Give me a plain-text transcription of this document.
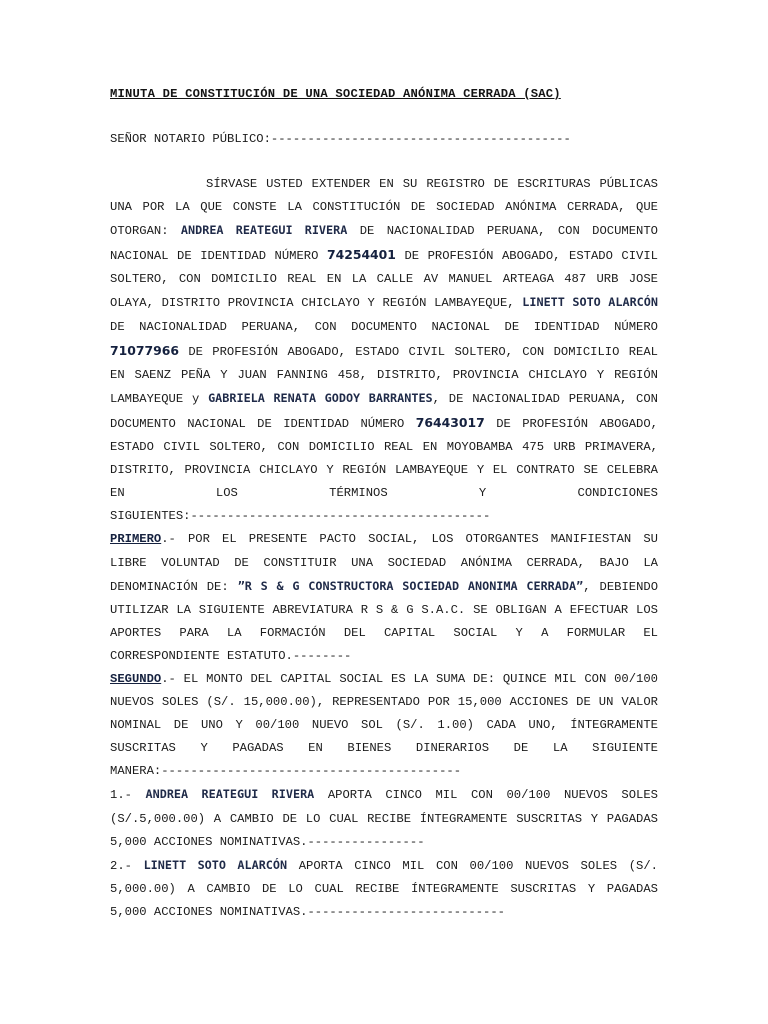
MINUTA DE CONSTITUCIÓN DE UNA SOCIEDAD ANÓNIMA CERRADA (SAC)

SEÑOR NOTARIO PÚBLICO:-----------------------------------------

SÍRVASE USTED EXTENDER EN SU REGISTRO DE ESCRITURAS PÚBLICAS UNA POR LA QUE CONSTE LA CONSTITUCIÓN DE SOCIEDAD ANÓNIMA CERRADA, QUE OTORGAN: ANDREA REATEGUI RIVERA DE NACIONALIDAD PERUANA, CON DOCUMENTO NACIONAL DE IDENTIDAD NÚMERO 74254401 DE PROFESIÓN ABOGADO, ESTADO CIVIL SOLTERO, CON DOMICILIO REAL EN LA CALLE AV MANUEL ARTEAGA 487 URB JOSE OLAYA, DISTRITO PROVINCIA CHICLAYO Y REGIÓN LAMBAYEQUE, LINETT SOTO ALARCÓN DE NACIONALIDAD PERUANA, CON DOCUMENTO NACIONAL DE IDENTIDAD NÚMERO 71077966 DE PROFESIÓN ABOGADO, ESTADO CIVIL SOLTERO, CON DOMICILIO REAL EN SAENZ PEÑA Y JUAN FANNING 458, DISTRITO, PROVINCIA CHICLAYO Y REGIÓN LAMBAYEQUE y GABRIELA RENATA GODOY BARRANTES, DE NACIONALIDAD PERUANA, CON DOCUMENTO NACIONAL DE IDENTIDAD NÚMERO 76443017 DE PROFESIÓN ABOGADO, ESTADO CIVIL SOLTERO, CON DOMICILIO REAL EN MOYOBAMBA 475 URB PRIMAVERA, DISTRITO, PROVINCIA CHICLAYO Y REGIÓN LAMBAYEQUE Y EL CONTRATO SE CELEBRA EN LOS TÉRMINOS Y CONDICIONES SIGUIENTES:-----------------------------------------
PRIMERO.- POR EL PRESENTE PACTO SOCIAL, LOS OTORGANTES MANIFIESTAN SU LIBRE VOLUNTAD DE CONSTITUIR UNA SOCIEDAD ANÓNIMA CERRADA, BAJO LA DENOMINACIÓN DE: ”R S & G CONSTRUCTORA SOCIEDAD ANONIMA CERRADA”, DEBIENDO UTILIZAR LA SIGUIENTE ABREVIATURA R S & G S.A.C. SE OBLIGAN A EFECTUAR LOS APORTES PARA LA FORMACIÓN DEL CAPITAL SOCIAL Y A FORMULAR EL CORRESPONDIENTE ESTATUTO.--------
SEGUNDO.- EL MONTO DEL CAPITAL SOCIAL ES LA SUMA DE: QUINCE MIL CON 00/100 NUEVOS SOLES (S/. 15,000.00), REPRESENTADO POR 15,000 ACCIONES DE UN VALOR NOMINAL DE UNO Y 00/100 NUEVO SOL (S/. 1.00) CADA UNO, ÍNTEGRAMENTE SUSCRITAS Y PAGADAS EN BIENES DINERARIOS DE LA SIGUIENTE MANERA:-----------------------------------------
1.- ANDREA REATEGUI RIVERA APORTA CINCO MIL CON 00/100 NUEVOS SOLES (S/.5,000.00) A CAMBIO DE LO CUAL RECIBE ÍNTEGRAMENTE SUSCRITAS Y PAGADAS 5,000 ACCIONES NOMINATIVAS.----------------
2.- LINETT SOTO ALARCÓN APORTA CINCO MIL CON 00/100 NUEVOS SOLES (S/. 5,000.00) A CAMBIO DE LO CUAL RECIBE ÍNTEGRAMENTE SUSCRITAS Y PAGADAS 5,000 ACCIONES NOMINATIVAS.---------------------------
